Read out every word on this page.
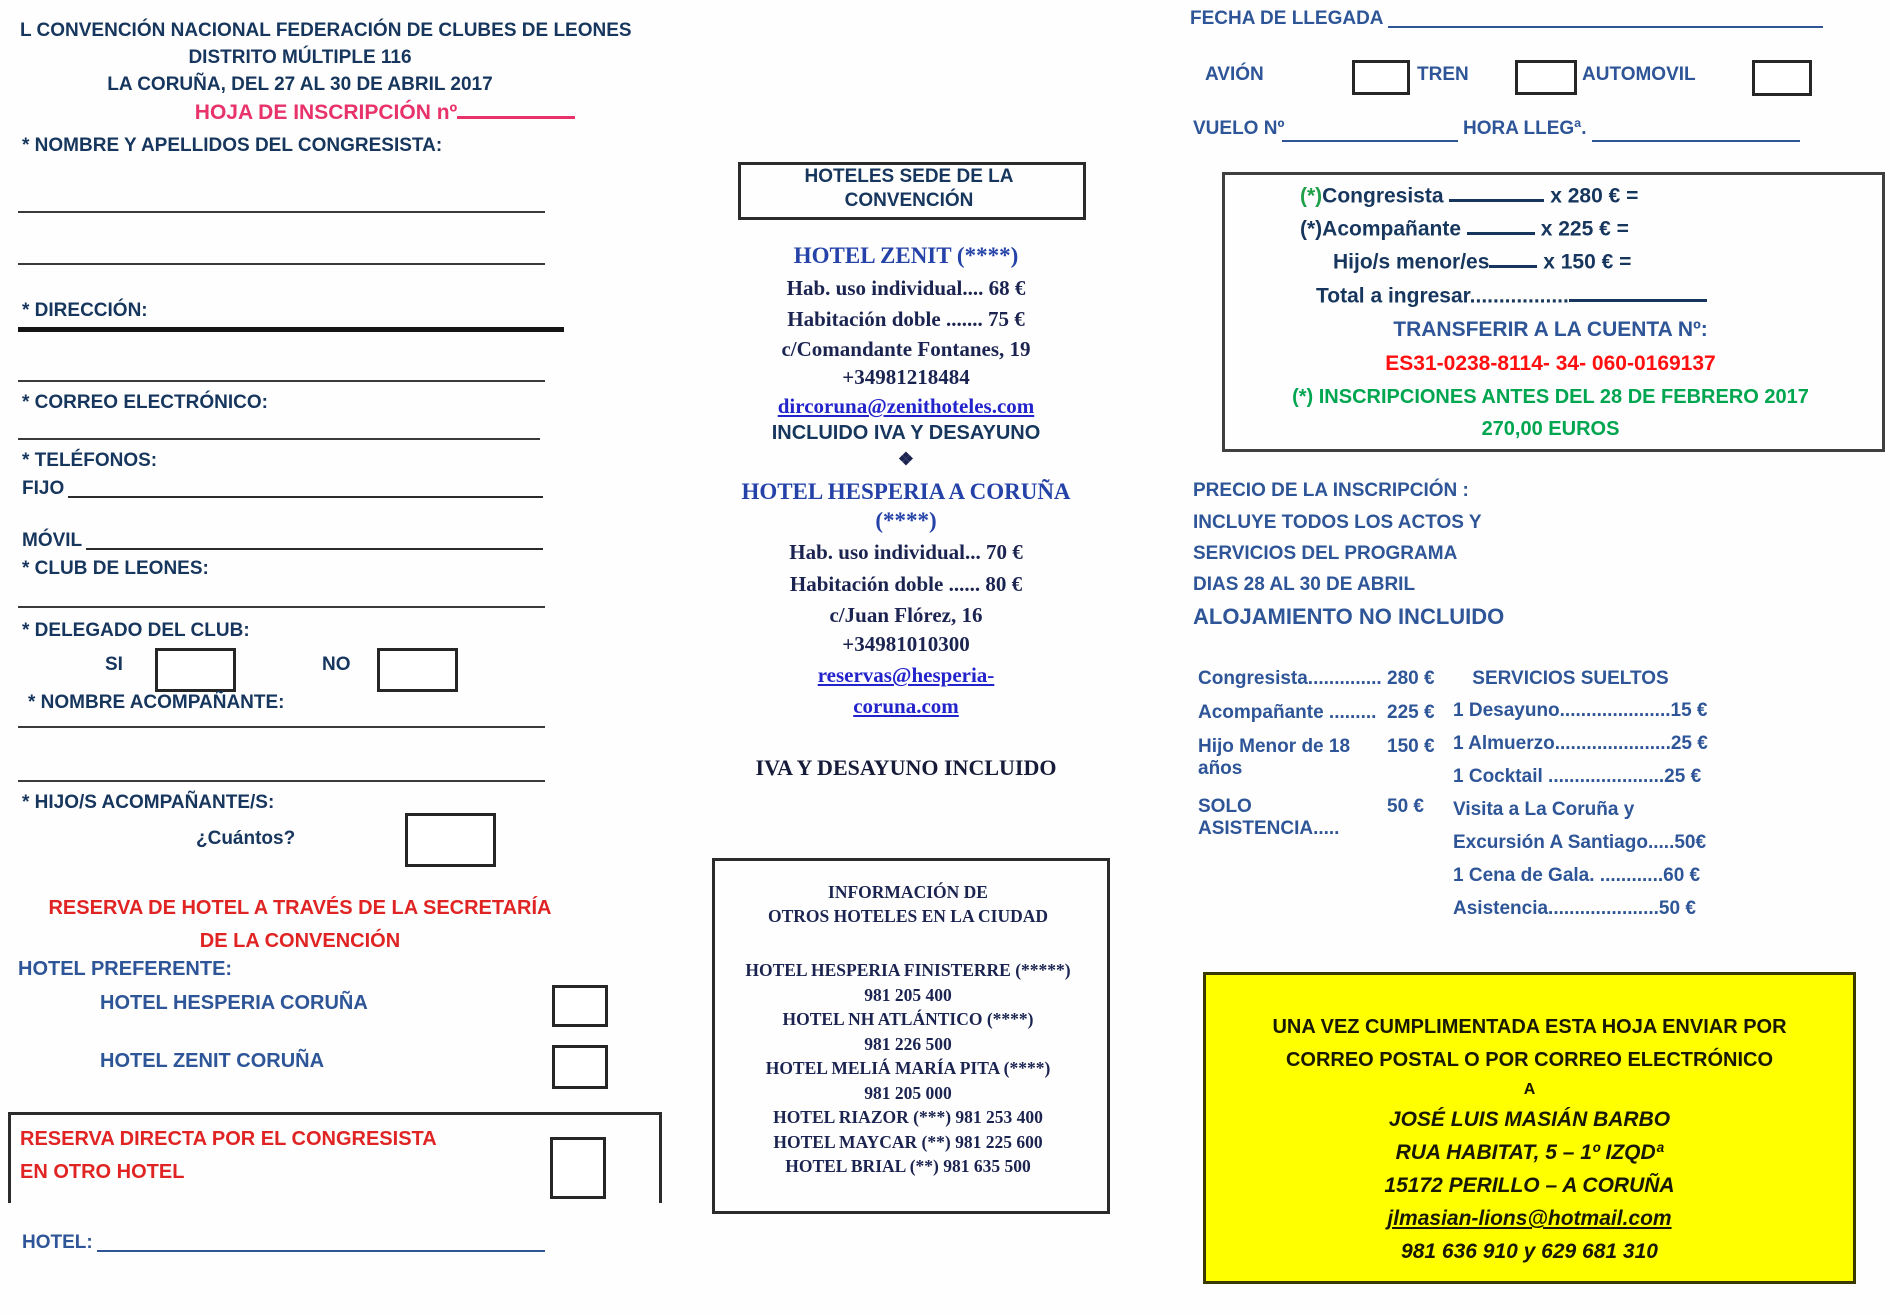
L CONVENCIÓN NACIONAL FEDERACIÓN DE CLUBES DE LEONES
DISTRITO MÚLTIPLE 116
LA CORUÑA, DEL 27 AL 30 DE ABRIL 2017
HOJA DE INSCRIPCIÓN nº
* NOMBRE Y APELLIDOS DEL CONGRESISTA:
* DIRECCIÓN:
* CORREO ELECTRÓNICO:
* TELÉFONOS:
FIJO
MÓVIL
* CLUB DE LEONES:
* DELEGADO DEL CLUB:
SI	NO
* NOMBRE ACOMPAÑANTE:
* HIJO/S ACOMPAÑANTE/S:
¿Cuántos?
RESERVA DE HOTEL A TRAVÉS DE LA SECRETARÍA
DE LA CONVENCIÓN
HOTEL PREFERENTE:
HOTEL HESPERIA CORUÑA
HOTEL ZENIT CORUÑA
RESERVA DIRECTA POR EL CONGRESISTA
EN OTRO HOTEL
HOTEL:
HOTELES SEDE DE LA
CONVENCIÓN
HOTEL ZENIT (****)
Hab. uso individual.... 68 €
Habitación doble ....... 75 €
c/Comandante Fontanes, 19
+34981218484
dircoruna@zenithoteles.com
INCLUIDO IVA Y DESAYUNO
❖
HOTEL HESPERIA A CORUÑA
(****)
Hab. uso individual... 70 €
Habitación doble ...... 80 €
c/Juan Flórez, 16
+34981010300
reservas@hesperia-
coruna.com
IVA Y DESAYUNO INCLUIDO
INFORMACIÓN DE
OTROS HOTELES EN LA CIUDAD
HOTEL HESPERIA FINISTERRE (*****)
981 205 400
HOTEL NH ATLÁNTICO (****)
981 226 500
HOTEL MELIÁ MARÍA PITA (****)
981 205 000
HOTEL RIAZOR (***) 981 253 400
HOTEL MAYCAR (**) 981 225 600
HOTEL BRIAL (**) 981 635 500
FECHA DE LLEGADA
AVIÓN	TREN	AUTOMOVIL
VUELO Nº	HORA LLEGª.
(*)Congresista	x 280 € =
(*)Acompañante	x 225 € =
Hijo/s menor/es x 150 € =
Total a ingresar.................
TRANSFERIR A LA CUENTA Nº:
ES31-0238-8114- 34- 060-0169137
(*) INSCRIPCIONES ANTES DEL 28 DE FEBRERO 2017
270,00 EUROS
PRECIO DE LA INSCRIPCIÓN :
INCLUYE TODOS LOS ACTOS Y
SERVICIOS DEL PROGRAMA
DIAS 28 AL 30 DE ABRIL
ALOJAMIENTO NO INCLUIDO
Congresista.............. 280 €
Acompañante ......... 225 €
Hijo Menor de 18 años
150 €
SOLO ASISTENCIA.....
50 €
SERVICIOS SUELTOS
1 Desayuno..................... 15 €
1 Almuerzo...................... 25 €
1 Cocktail ...................... 25 €
Visita a La Coruña y
Excursión A Santiago.....50 €
1 Cena de Gala. ............ 60 €
Asistencia..................... 50 €
UNA VEZ CUMPLIMENTADA ESTA HOJA ENVIAR POR
CORREO POSTAL O POR CORREO ELECTRÓNICO
A
JOSÉ LUIS MASIÁN BARBO
RUA HABITAT, 5 – 1º IZQDª
15172 PERILLO – A CORUÑA
jlmasian-lions@hotmail.com
981 636 910 y 629 681 310
